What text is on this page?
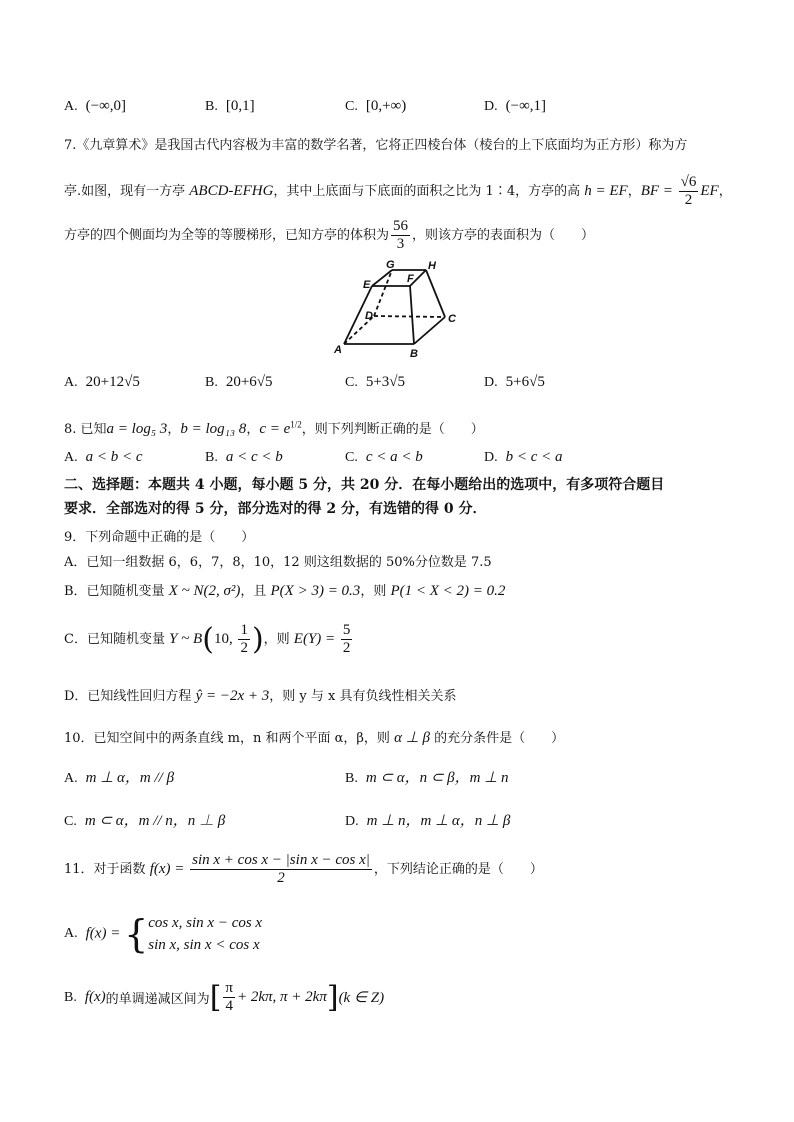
A. (−∞,0]	B. [0,1]	C. [0,+∞)	D. (−∞,1]
7.《九章算术》是我国古代内容极为丰富的数学名著，它将正四棱台体（棱台的上下底面均为正方形）称为方
亭.如图，现有一方亭 ABCD-EFHG，其中上底面与下底面的面积之比为 1∶4，方亭的高 h = EF，BF = $\frac{√6}{2}$ EF，
方亭的四个侧面均为全等的等腰梯形，已知方亭的体积为 $\frac{56}{3}$ ，则该方亭的表面积为（　　）
G	H
E	F
D	C
A	B
A. 20+12√5	B. 20+6√5	C. 5+3√5	D. 5+6√5
8. 已知a = log₅ 3，b = log₁₃ 8，$c = e^{1/2}$，则下列判断正确的是（　　）
A. a < b < c	B. a < c < b	C. c < a < b	D. b < c < a
二、选择题：本题共 4 小题，每小题 5 分，共 20 分．在每小题给出的选项中，有多项符合题目
要求．全部选对的得 5 分，部分选对的得 2 分，有选错的得 0 分．
9．下列命题中正确的是（　　）
A．已知一组数据 6，6，7，8，10，12 则这组数据的 50%分位数是 7.5
B．已知随机变量 X ~ N(2, σ²)，且 P(X > 3) = 0.3，则 P(1 < X < 2) = 0.2
C．已知随机变量 Y ~ B(10, $\frac{1}{2}$ )，则 $E(Y) = \frac{5}{2}$
D．已知线性回归方程 ŷ = −2x + 3，则 y 与 x 具有负线性相关关系
10．已知空间中的两条直线 m，n 和两个平面 α，β，则 α ⊥ β 的充分条件是（　　）
A. m ⊥ α，m // β	B. m ⊂ α，n ⊂ β，m ⊥ n
C. m ⊂ α，m // n，n ⊥ β	D. m ⊥ n，m ⊥ α，n ⊥ β
11．对于函数 $f(x) = \frac{\text{sin x + cos x − |sin x − cos x|}}{2}$ ，下列结论正确的是（　　）
A. f(x) = { cos x, sin x − cos x
sin x, sin x < cos x
B. f(x)的单调递减区间为[ $\frac{\pi}{4} + 2k\pi$, π + 2kπ](k ∈ Z)
